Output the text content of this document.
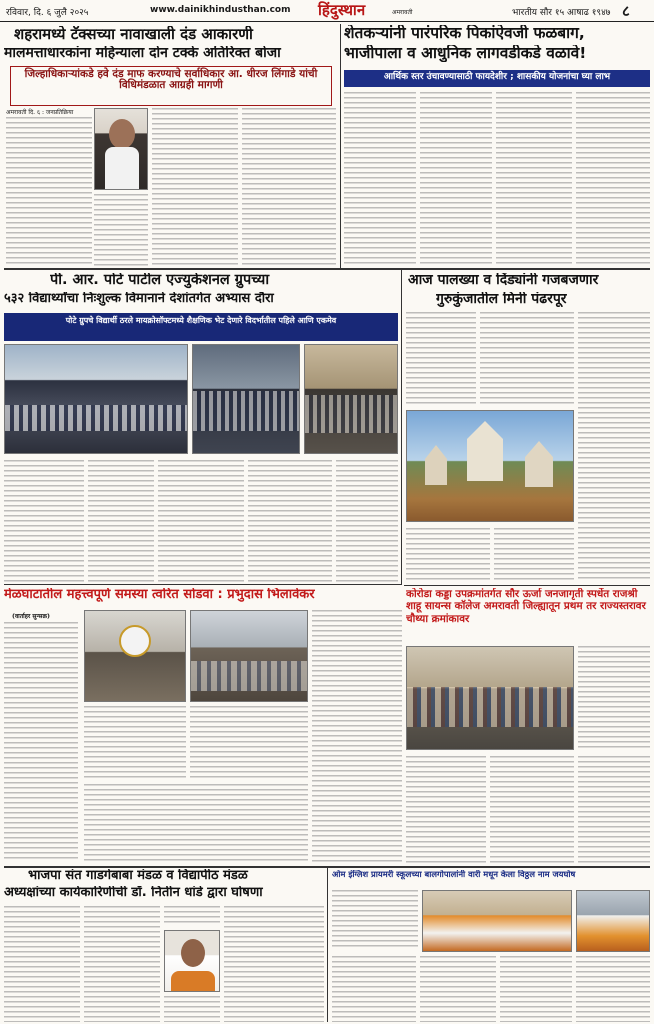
रविवार, दि. ६ जुलै २०२५	www.dainikhindusthan.com हिंदुस्थान	अमरावती	भारतीय सौर १५ आषाढ १९४७ ८
शहरामध्ये टॅक्सच्या नावाखाली दंड आकारणी
मालमत्ताधारकांना महिन्याला दोन टक्के अतिरिक्त बोजा
जिल्हाधिकाऱ्यांकडे हवे दंड माफ करण्याचे सर्वाधिकार आ. धीरज लिंगाडे यांची विधिमंडळात आग्रही मागणी
अमरावती दि. ६ : जनप्रतिक्रिया
शेतकऱ्यांनी पारंपरिक पिकांऐवजी फळबाग,
भाजीपाला व आधुनिक लागवडीकडे वळावे!
आर्थिक स्तर उंचावण्यासाठी फायदेशीर ; शासकीय योजनांचा घ्या लाभ
पी. आर. पोटे पाटील एज्युकेशनल ग्रुपच्या
५३२ विद्यार्थ्यांचा निःशुल्क विमानाने देशांतर्गत अभ्यास दौरा
पोटे ग्रुपचे विद्यार्थी ठरले मायक्रोसॉफ्टमध्ये शैक्षणिक भेट देणारे विदर्भातील पहिले आणि एकमेव
आज पालख्या व दिंड्यांनी गजबजणार
गुरुकुंजातील मिनी पंढरपूर
कोरोडा कड्डा उपक्रमांतर्गत सौर ऊर्जा जनजागृती स्पर्धेत राजश्री शाहू सायन्स कॉलेज अमरावती जिल्ह्यातून प्रथम तर राज्यस्तरावर चौथ्या क्रमांकावर
मेळघाटातील महत्त्वपूर्ण समस्या त्वरित सोडवा : प्रभुदास भिलावेकर
(वार्ताहर सुन्सक्र)
भाजपा संत गाडगेबाबा मंडळ व विद्यापीठ मंडळ
अध्यक्षांच्या कार्यकारिणीची डॉ. नितीन धांडे द्वारा घोषणा
ओम इंग्लिश प्रायमरी स्कूलच्या बालगोपालांनी वारी मधून केला विठ्ठल नाम जयघोष
